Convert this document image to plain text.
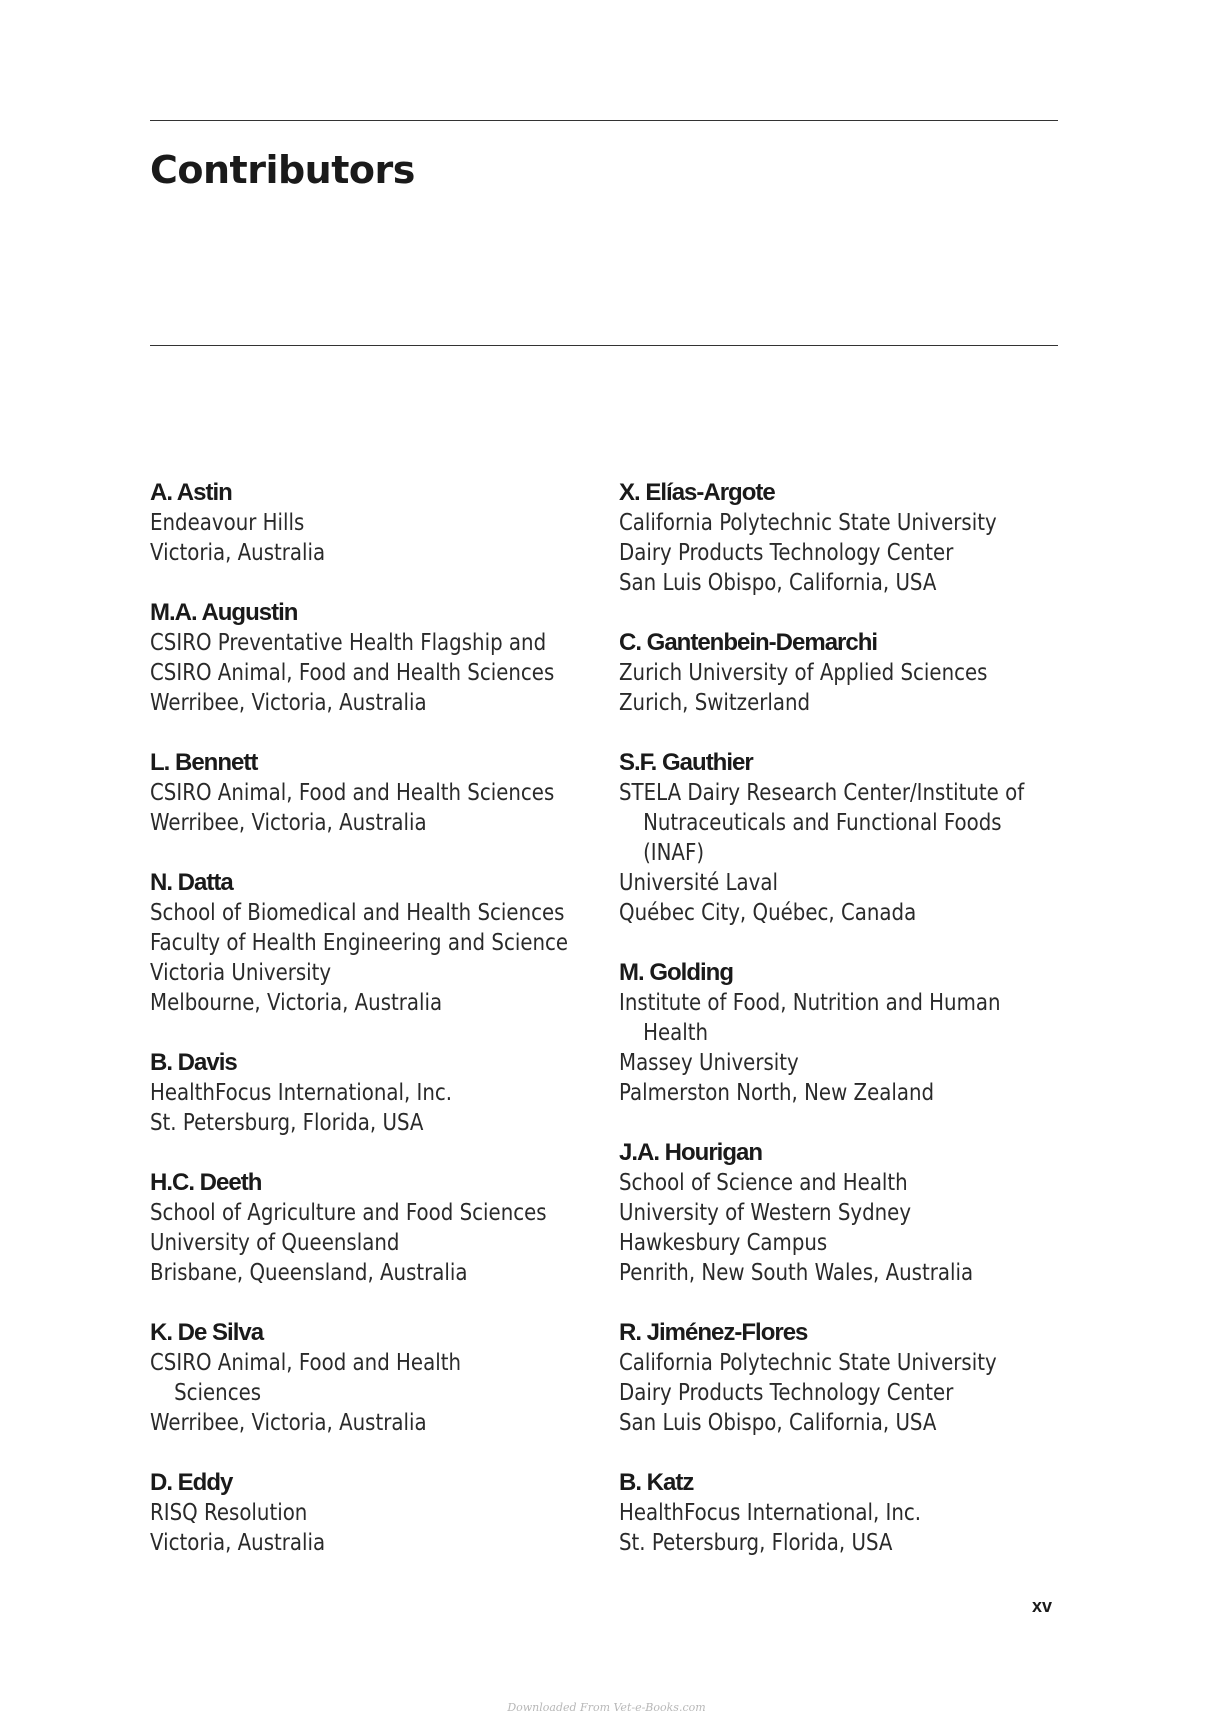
Contributors
A. Astin
Endeavour Hills
Victoria, Australia
M.A. Augustin
CSIRO Preventative Health Flagship and
CSIRO Animal, Food and Health Sciences
Werribee, Victoria, Australia
L. Bennett
CSIRO Animal, Food and Health Sciences
Werribee, Victoria, Australia
N. Datta
School of Biomedical and Health Sciences
Faculty of Health Engineering and Science
Victoria University
Melbourne, Victoria, Australia
B. Davis
HealthFocus International, Inc.
St. Petersburg, Florida, USA
H.C. Deeth
School of Agriculture and Food Sciences
University of Queensland
Brisbane, Queensland, Australia
K. De Silva
CSIRO Animal, Food and Health
Sciences
Werribee, Victoria, Australia
D. Eddy
RISQ Resolution
Victoria, Australia
X. Elías-Argote
California Polytechnic State University
Dairy Products Technology Center
San Luis Obispo, California, USA
C. Gantenbein-Demarchi
Zurich University of Applied Sciences
Zurich, Switzerland
S.F. Gauthier
STELA Dairy Research Center/Institute of
Nutraceuticals and Functional Foods
(INAF)
Université Laval
Québec City, Québec, Canada
M. Golding
Institute of Food, Nutrition and Human
Health
Massey University
Palmerston North, New Zealand
J.A. Hourigan
School of Science and Health
University of Western Sydney
Hawkesbury Campus
Penrith, New South Wales, Australia
R. Jiménez-Flores
California Polytechnic State University
Dairy Products Technology Center
San Luis Obispo, California, USA
B. Katz
HealthFocus International, Inc.
St. Petersburg, Florida, USA
xv
Downloaded From Vet-e-Books.com
